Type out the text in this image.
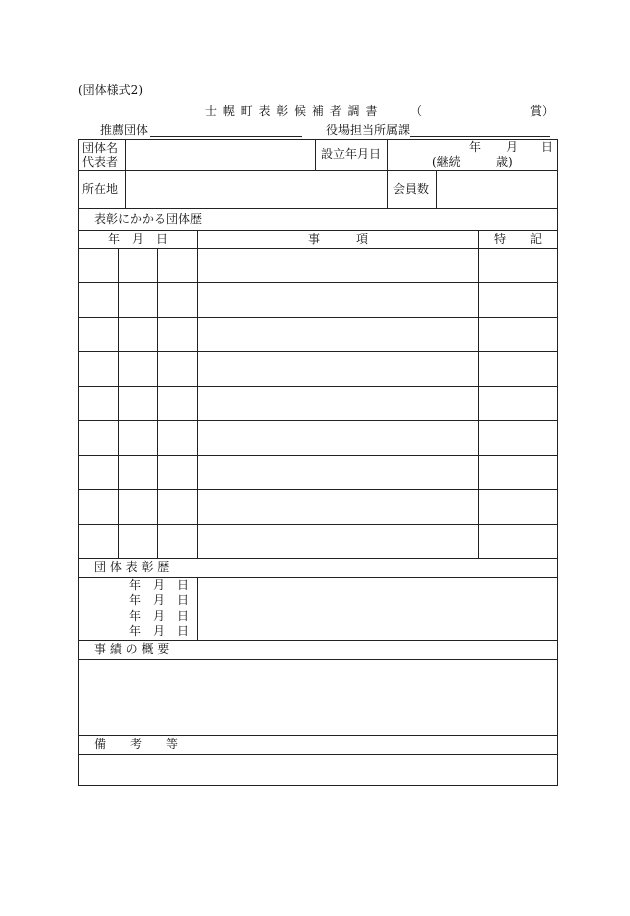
(団体様式2)
士 幌 町 表 彰 候 補 者 調 書	（	賞）
推薦団体	役場担当所属課
団体名
代表者
設立年月日	年 月 日
(継続	歳)
所在地	会員数
表彰にかかる団体歴
年　月　日	事　　　項	特　　記
団 体 表 彰 歴
年　月　日
年　月　日
年　月　日
年　月　日
事 績 の 概 要
備　　考　　等
